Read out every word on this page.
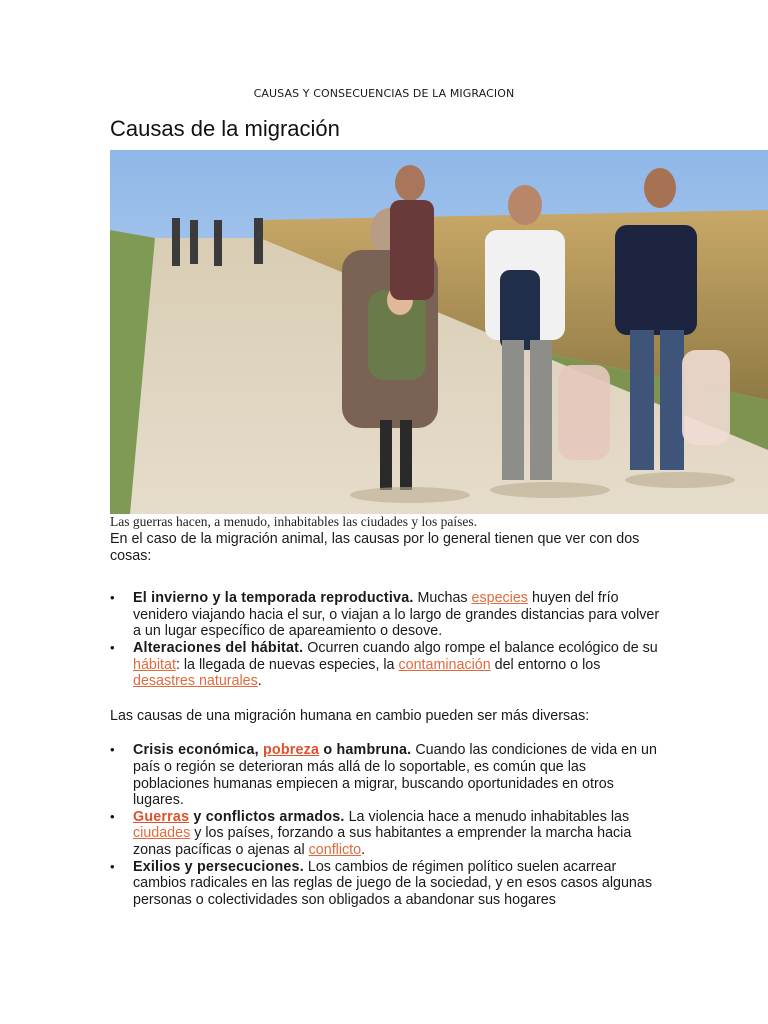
CAUSAS Y CONSECUENCIAS DE LA MIGRACION
Causas de la migración
Las guerras hacen, a menudo, inhabitables las ciudades y los países.

En el caso de la migración animal, las causas por lo general tienen que ver con dos cosas:

• El invierno y la temporada reproductiva. Muchas especies huyen del frío venidero viajando hacia el sur, o viajan a lo largo de grandes distancias para volver a un lugar específico de apareamiento o desove.
• Alteraciones del hábitat. Ocurren cuando algo rompe el balance ecológico de su hábitat: la llegada de nuevas especies, la contaminación del entorno o los desastres naturales.

Las causas de una migración humana en cambio pueden ser más diversas:

• Crisis económica, pobreza o hambruna. Cuando las condiciones de vida en un país o región se deterioran más allá de lo soportable, es común que las poblaciones humanas empiecen a migrar, buscando oportunidades en otros lugares.
• Guerras y conflictos armados. La violencia hace a menudo inhabitables las ciudades y los países, forzando a sus habitantes a emprender la marcha hacia zonas pacíficas o ajenas al conflicto.
• Exilios y persecuciones. Los cambios de régimen político suelen acarrear cambios radicales en las reglas de juego de la sociedad, y en esos casos algunas personas o colectividades son obligados a abandonar sus hogares
